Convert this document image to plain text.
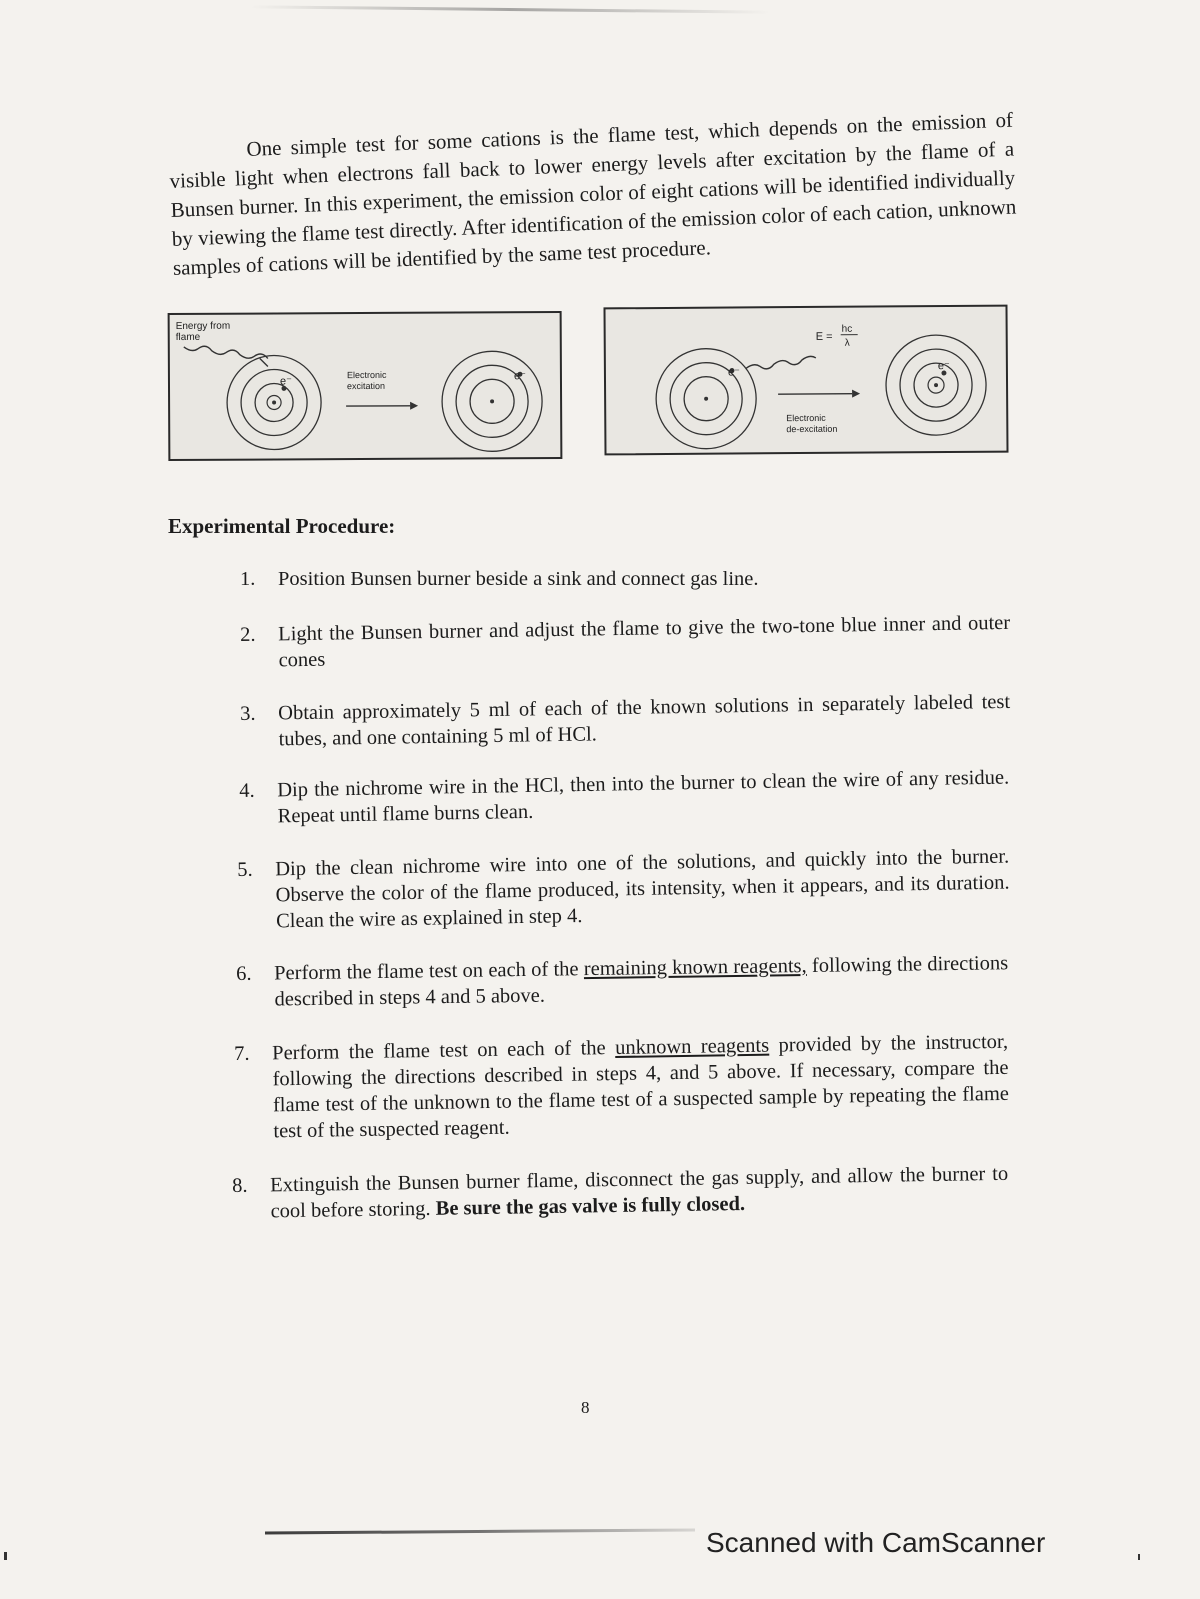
One simple test for some cations is the flame test, which depends on the emission of visible light when electrons fall back to lower energy levels after excitation by the flame of a Bunsen burner. In this experiment, the emission color of eight cations will be identified individually by viewing the flame test directly. After identification of the emission color of each cation, unknown samples of cations will be identified by the same test procedure.

Energy from
flame
e⁻
Electronic
excitation
e⁻	e⁻
E =
hc
λ
Electronic
de-excitation
e⁻
Experimental Procedure:
1.	Position Bunsen burner beside a sink and connect gas line.
2.	Light the Bunsen burner and adjust the flame to give the two-tone blue inner and outer cones
3.	Obtain approximately 5 ml of each of the known solutions in separately labeled test tubes, and one containing 5 ml of HCl.
4.	Dip the nichrome wire in the HCl, then into the burner to clean the wire of any residue. Repeat until flame burns clean.
5.	Dip the clean nichrome wire into one of the solutions, and quickly into the burner. Observe the color of the flame produced, its intensity, when it appears, and its duration. Clean the wire as explained in step 4.
6.	Perform the flame test on each of the remaining known reagents, following the directions described in steps 4 and 5 above.
7.	Perform the flame test on each of the unknown reagents provided by the instructor, following the directions described in steps 4, and 5 above. If necessary, compare the flame test of the unknown to the flame test of a suspected sample by repeating the flame test of the suspected reagent.
8.	Extinguish the Bunsen burner flame, disconnect the gas supply, and allow the burner to cool before storing. Be sure the gas valve is fully closed.
8
Scanned with CamScanner
